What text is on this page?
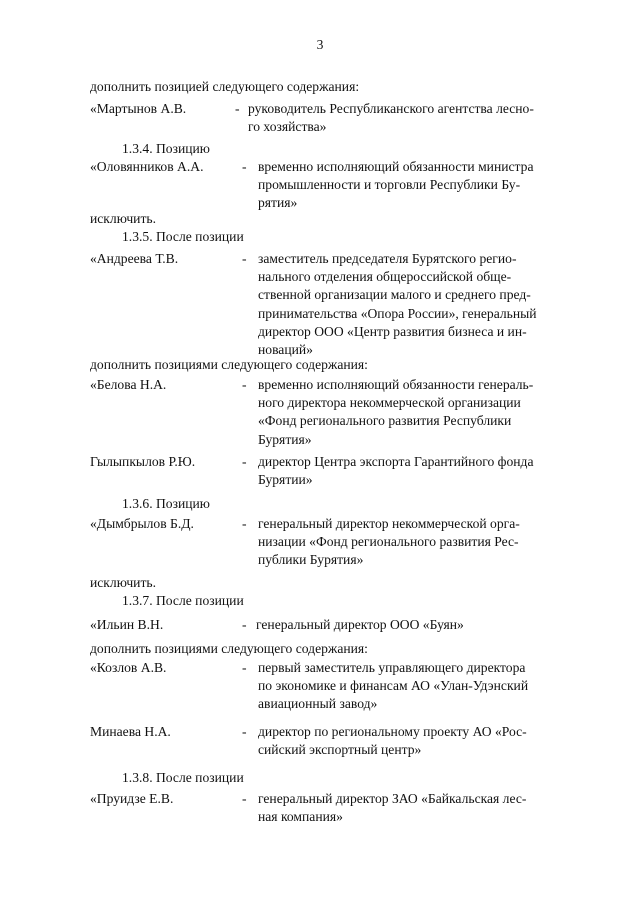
3
дополнить позицией следующего содержания:
«Мартынов А.В.	- руководитель Республиканского агентства лесно-
го хозяйства»
1.3.4. Позицию
«Оловянников А.А.	- временно исполняющий обязанности министра
промышленности и торговли Республики Бу-
рятия»
исключить.
1.3.5. После позиции
«Андреева Т.В.	- заместитель председателя Бурятского регио-
нального отделения общероссийской обще-
ственной организации малого и среднего пред-
принимательства «Опора России», генеральный
директор ООО «Центр развития бизнеса и ин-
новаций»
дополнить позициями следующего содержания:
«Белова Н.А.	- временно исполняющий обязанности генераль-
ного директора некоммерческой организации
«Фонд регионального развития Республики
Бурятия»
Гылыпкылов Р.Ю.	- директор Центра экспорта Гарантийного фонда
Бурятии»
1.3.6. Позицию
«Дымбрылов Б.Д.	- генеральный директор некоммерческой орга-
низации «Фонд регионального развития Рес-
публики Бурятия»
исключить.
1.3.7. После позиции
«Ильин В.Н.	- генеральный директор ООО «Буян»
дополнить позициями следующего содержания:
«Козлов А.В.	- первый заместитель управляющего директора
по экономике и финансам АО «Улан-Удэнский
авиационный завод»
Минаева Н.А.	- директор по региональному проекту АО «Рос-
сийский экспортный центр»
1.3.8. После позиции
«Пруидзе Е.В.	- генеральный директор ЗАО «Байкальская лес-
ная компания»
